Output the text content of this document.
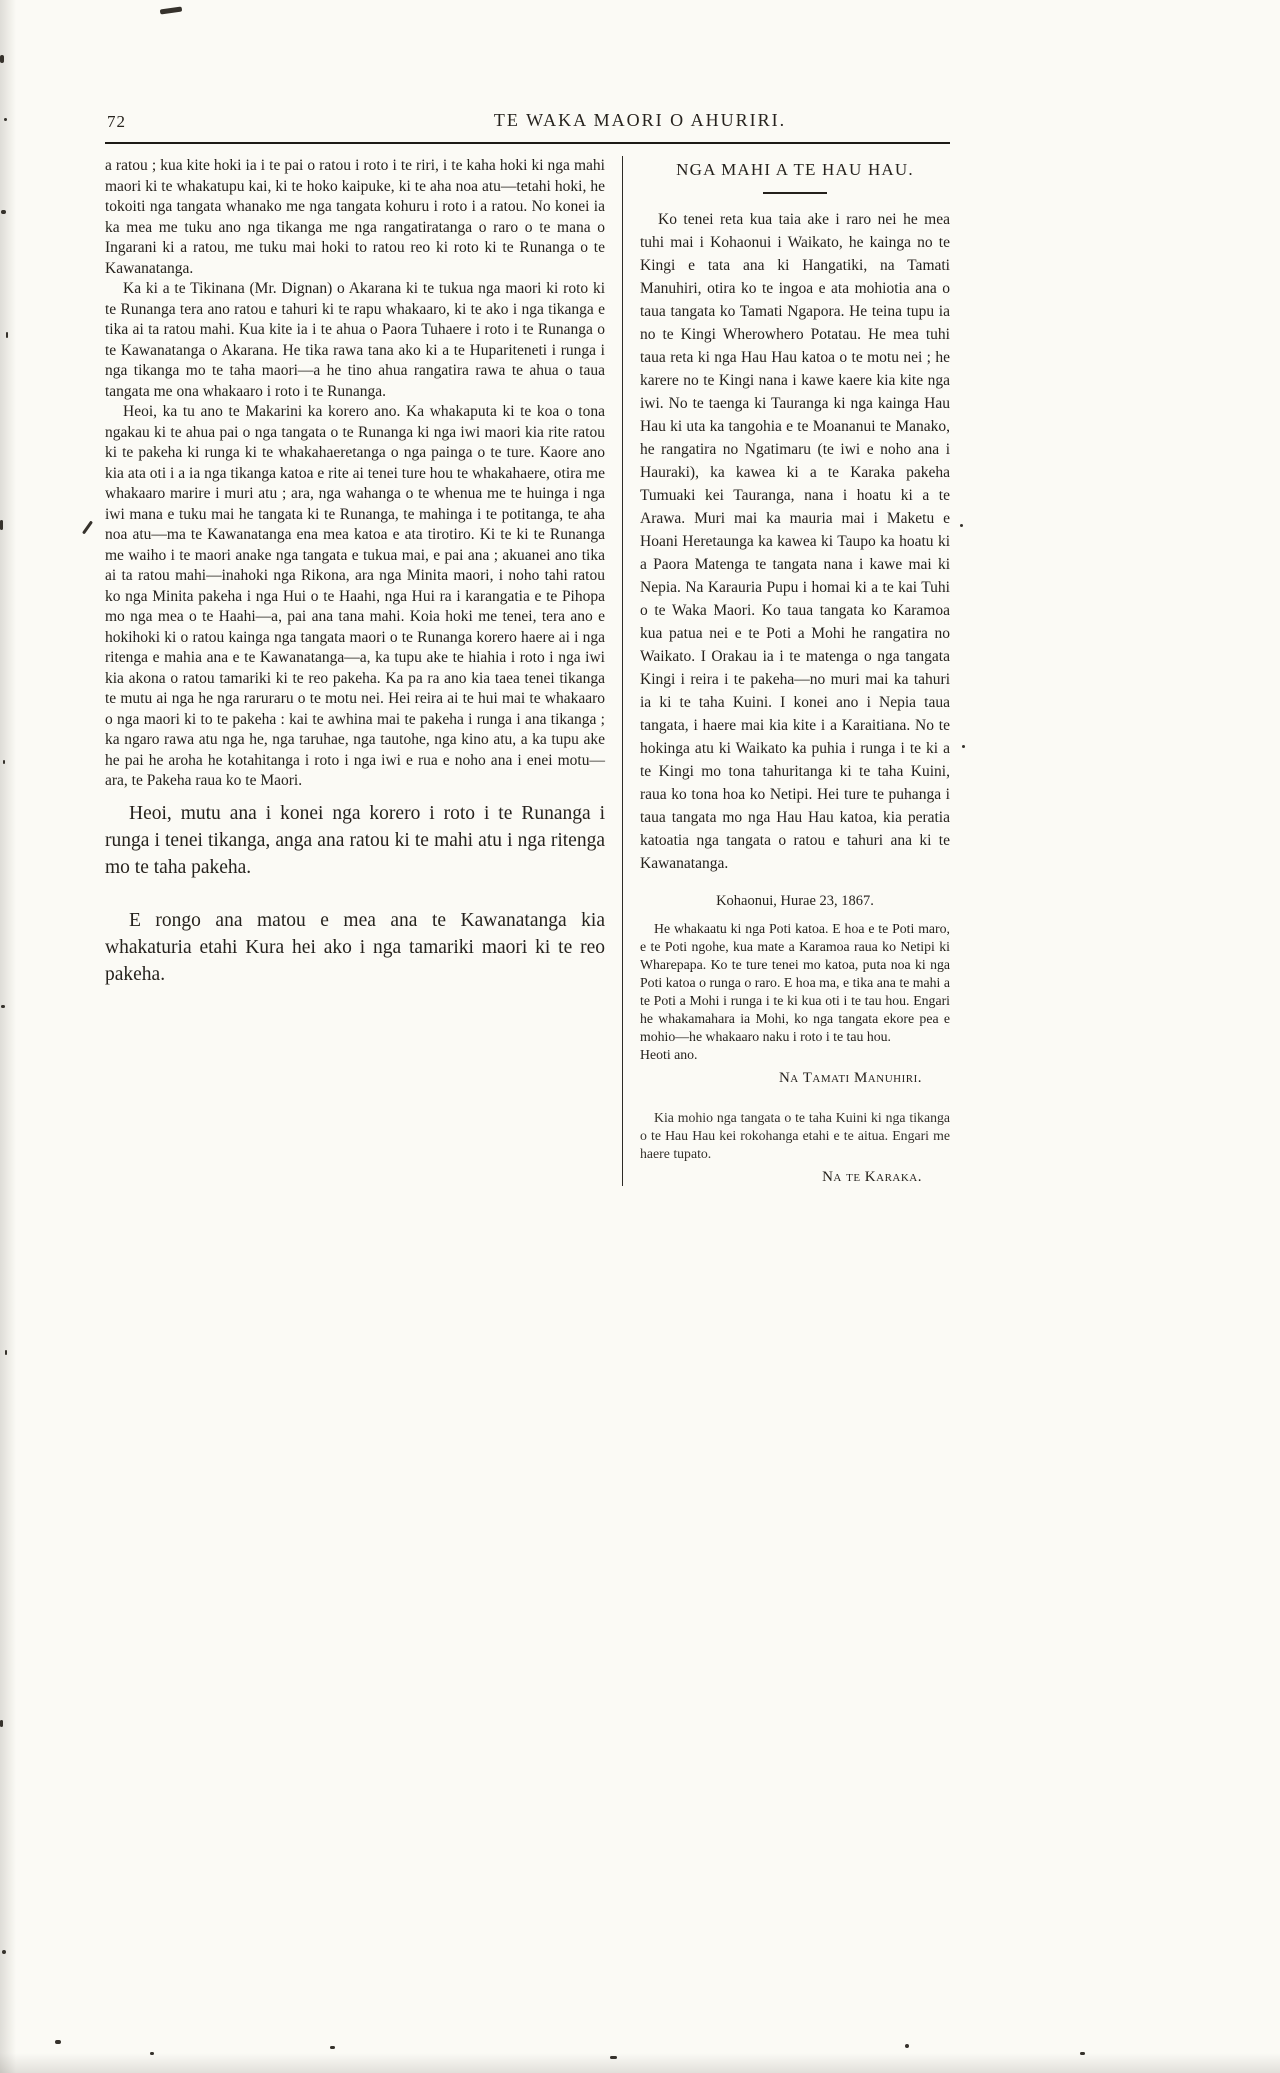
72	TE WAKA MAORI O AHURIRI.

a ratou ; kua kite hoki ia i te pai o ratou i roto i te riri, i te kaha hoki ki nga mahi maori ki te whakatupu kai, ki te hoko kaipuke, ki te aha noa atu—tetahi hoki, he tokoiti nga tangata whanako me nga tangata kohuru i roto i a ratou. No konei ia ka mea me tuku ano nga tikanga me nga rangatiratanga o raro o te mana o Ingarani ki a ratou, me tuku mai hoki to ratou reo ki roto ki te Runanga o te Kawanatanga.

Ka ki a te Tikinana (Mr. Dignan) o Akarana ki te tukua nga maori ki roto ki te Runanga tera ano ratou e tahuri ki te rapu whakaaro, ki te ako i nga tikanga e tika ai ta ratou mahi. Kua kite ia i te ahua o Paora Tuhaere i roto i te Runanga o te Kawanatanga o Akarana. He tika rawa tana ako ki a te Hupariteneti i runga i nga tikanga mo te taha maori—a he tino ahua rangatira rawa te ahua o taua tangata me ona whakaaro i roto i te Runanga.

Heoi, ka tu ano te Makarini ka korero ano. Ka whakaputa ki te koa o tona ngakau ki te ahua pai o nga tangata o te Runanga ki nga iwi maori kia rite ratou ki te pakeha ki runga ki te whakahaeretanga o nga painga o te ture. Kaore ano kia ata oti i a ia nga tikanga katoa e rite ai tenei ture hou te whakahaere, otira me whakaaro marire i muri atu ; ara, nga wahanga o te whenua me te huinga i nga iwi mana e tuku mai he tangata ki te Runanga, te mahinga i te potitanga, te aha noa atu—ma te Kawanatanga ena mea katoa e ata tirotiro. Ki te ki te Runanga me waiho i te maori anake nga tangata e tukua mai, e pai ana ; akuanei ano tika ai ta ratou mahi—inahoki nga Rikona, ara nga Minita maori, i noho tahi ratou ko nga Minita pakeha i nga Hui o te Haahi, nga Hui ra i karangatia e te Pihopa mo nga mea o te Haahi—a, pai ana tana mahi. Koia hoki me tenei, tera ano e hokihoki ki o ratou kainga nga tangata maori o te Runanga korero haere ai i nga ritenga e mahia ana e te Kawanatanga—a, ka tupu ake te hiahia i roto i nga iwi kia akona o ratou tamariki ki te reo pakeha. Ka pa ra ano kia taea tenei tikanga te mutu ai nga he nga raruraru o te motu nei. Hei reira ai te hui mai te whakaaro o nga maori ki to te pakeha : kai te awhina mai te pakeha i runga i ana tikanga ; ka ngaro rawa atu nga he, nga taruhae, nga tautohe, nga kino atu, a ka tupu ake he pai he aroha he kotahitanga i roto i nga iwi e rua e noho ana i enei motu—ara, te Pakeha raua ko te Maori.

Heoi, mutu ana i konei nga korero i roto i te Runanga i runga i tenei tikanga, anga ana ratou ki te mahi atu i nga ritenga mo te taha pakeha.

E rongo ana matou e mea ana te Kawanatanga kia whakaturia etahi Kura hei ako i nga tamariki maori ki te reo pakeha.

NGA MAHI A TE HAU HAU.

Ko tenei reta kua taia ake i raro nei he mea tuhi mai i Kohaonui i Waikato, he kainga no te Kingi e tata ana ki Hangatiki, na Tamati Manuhiri, otira ko te ingoa e ata mohiotia ana o taua tangata ko Tamati Ngapora. He teina tupu ia no te Kingi Wherowhero Potatau. He mea tuhi taua reta ki nga Hau Hau katoa o te motu nei ; he karere no te Kingi nana i kawe kaere kia kite nga iwi. No te taenga ki Tauranga ki nga kainga Hau Hau ki uta ka tangohia e te Moananui te Manako, he rangatira no Ngatimaru (te iwi e noho ana i Hauraki), ka kawea ki a te Karaka pakeha Tumuaki kei Tauranga, nana i hoatu ki a te Arawa. Muri mai ka mauria mai i Maketu e Hoani Heretaunga ka kawea ki Taupo ka hoatu ki a Paora Matenga te tangata nana i kawe mai ki Nepia. Na Karauria Pupu i homai ki a te kai Tuhi o te Waka Maori. Ko taua tangata ko Karamoa kua patua nei e te Poti a Mohi he rangatira no Waikato. I Orakau ia i te matenga o nga tangata Kingi i reira i te pakeha—no muri mai ka tahuri ia ki te taha Kuini. I konei ano i Nepia taua tangata, i haere mai kia kite i a Karaitiana. No te hokinga atu ki Waikato ka puhia i runga i te ki a te Kingi mo tona tahuritanga ki te taha Kuini, raua ko tona hoa ko Netipi. Hei ture te puhanga i taua tangata mo nga Hau Hau katoa, kia peratia katoatia nga tangata o ratou e tahuri ana ki te Kawanatanga.

Kohaonui, Hurae 23, 1867.

He whakaatu ki nga Poti katoa. E hoa e te Poti maro, e te Poti ngohe, kua mate a Karamoa raua ko Netipi ki Wharepapa. Ko te ture tenei mo katoa, puta noa ki nga Poti katoa o runga o raro. E hoa ma, e tika ana te mahi a te Poti a Mohi i runga i te ki kua oti i te tau hou. Engari he whakamahara ia Mohi, ko nga tangata ekore pea e mohio—he whakaaro naku i roto i te tau hou.

Heoti ano.

Na Tamati Manuhiri.

Kia mohio nga tangata o te taha Kuini ki nga tikanga o te Hau Hau kei rokohanga etahi e te aitua. Engari me haere tupato.

Na te Karaka.
